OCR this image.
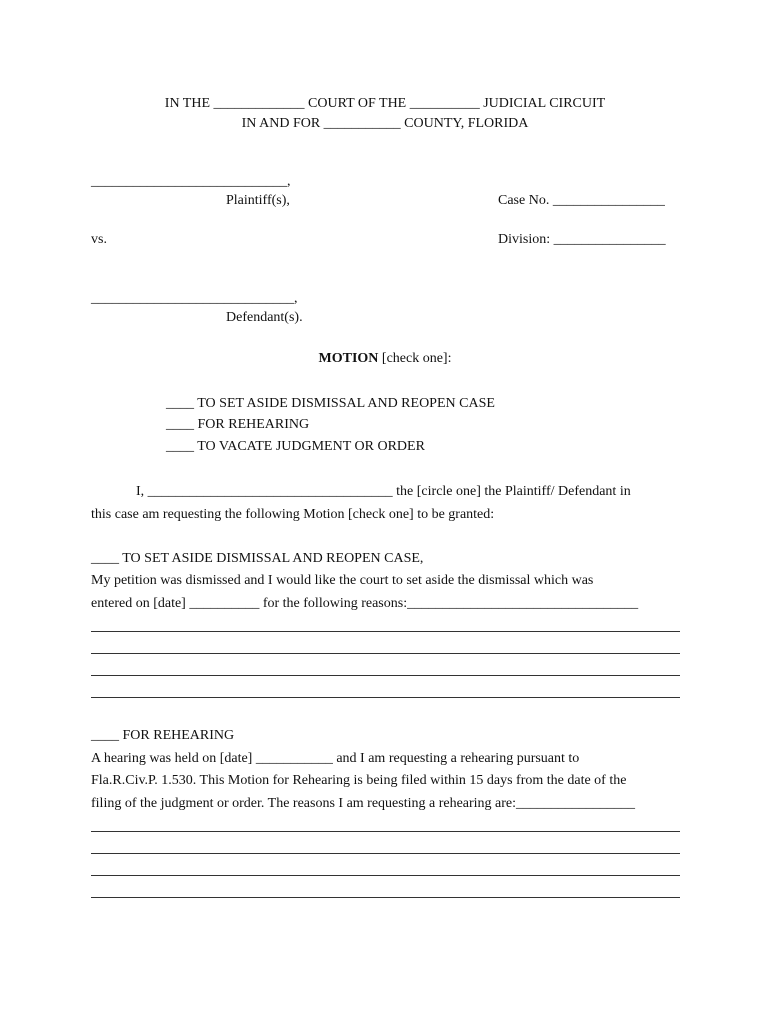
IN THE _____________ COURT OF THE __________ JUDICIAL CIRCUIT
IN AND FOR ___________ COUNTY, FLORIDA
____________________________,
Plaintiff(s),	Case No. ________________
vs.	Division: ________________
_____________________________,
Defendant(s).
MOTION [check one]:
____ TO SET ASIDE DISMISSAL AND REOPEN CASE
____ FOR REHEARING
____ TO VACATE JUDGMENT OR ORDER
I, ___________________________________ the [circle one] the Plaintiff/ Defendant in
this case am requesting the following Motion [check one] to be granted:
____ TO SET ASIDE DISMISSAL AND REOPEN CASE,
My petition was dismissed and I would like the court to set aside the dismissal which was
entered on [date] __________ for the following reasons:_________________________________
____ FOR REHEARING
A hearing was held on [date] ___________ and I am requesting a rehearing pursuant to
Fla.R.Civ.P. 1.530. This Motion for Rehearing is being filed within 15 days from the date of the
filing of the judgment or order. The reasons I am requesting a rehearing are:_________________
